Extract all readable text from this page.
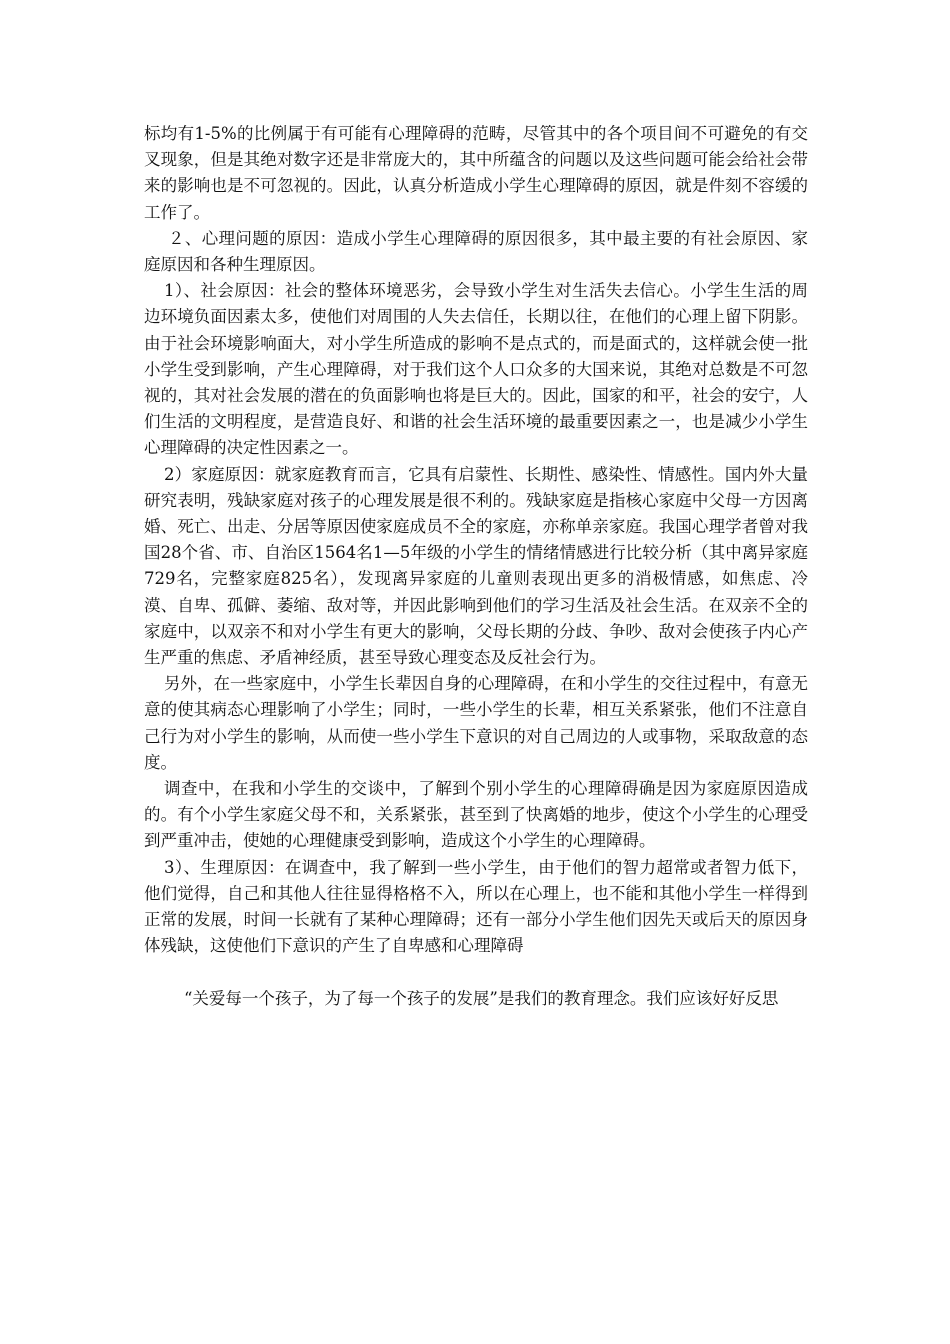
标均有1-5%的比例属于有可能有心理障碍的范畴，尽管其中的各个项目间不可避免的有交叉现象，但是其绝对数字还是非常庞大的，其中所蕴含的问题以及这些问题可能会给社会带来的影响也是不可忽视的。因此，认真分析造成小学生心理障碍的原因，就是件刻不容缓的工作了。

２、心理问题的原因：造成小学生心理障碍的原因很多，其中最主要的有社会原因、家庭原因和各种生理原因。

1）、社会原因：社会的整体环境恶劣，会导致小学生对生活失去信心。小学生生活的周边环境负面因素太多，使他们对周围的人失去信任，长期以往，在他们的心理上留下阴影。由于社会环境影响面大，对小学生所造成的影响不是点式的，而是面式的，这样就会使一批小学生受到影响，产生心理障碍，对于我们这个人口众多的大国来说，其绝对总数是不可忽视的，其对社会发展的潜在的负面影响也将是巨大的。因此，国家的和平，社会的安宁，人们生活的文明程度，是营造良好、和谐的社会生活环境的最重要因素之一，也是减少小学生心理障碍的决定性因素之一。

2）家庭原因：就家庭教育而言，它具有启蒙性、长期性、感染性、情感性。国内外大量研究表明，残缺家庭对孩子的心理发展是很不利的。残缺家庭是指核心家庭中父母一方因离婚、死亡、出走、分居等原因使家庭成员不全的家庭，亦称单亲家庭。我国心理学者曾对我国28个省、市、自治区1564名1—5年级的小学生的情绪情感进行比较分析（其中离异家庭729名，完整家庭825名），发现离异家庭的儿童则表现出更多的消极情感，如焦虑、冷漠、自卑、孤僻、萎缩、敌对等，并因此影响到他们的学习生活及社会生活。在双亲不全的家庭中，以双亲不和对小学生有更大的影响，父母长期的分歧、争吵、敌对会使孩子内心产生严重的焦虑、矛盾神经质，甚至导致心理变态及反社会行为。

另外，在一些家庭中，小学生长辈因自身的心理障碍，在和小学生的交往过程中，有意无意的使其病态心理影响了小学生；同时，一些小学生的长辈，相互关系紧张，他们不注意自己行为对小学生的影响，从而使一些小学生下意识的对自己周边的人或事物，采取敌意的态度。

调查中，在我和小学生的交谈中，了解到个别小学生的心理障碍确是因为家庭原因造成的。有个小学生家庭父母不和，关系紧张，甚至到了快离婚的地步，使这个小学生的心理受到严重冲击，使她的心理健康受到影响，造成这个小学生的心理障碍。

3）、生理原因：在调查中，我了解到一些小学生，由于他们的智力超常或者智力低下，他们觉得，自己和其他人往往显得格格不入，所以在心理上，也不能和其他小学生一样得到正常的发展，时间一长就有了某种心理障碍；还有一部分小学生他们因先天或后天的原因身体残缺，这使他们下意识的产生了自卑感和心理障碍

“关爱每一个孩子，为了每一个孩子的发展”是我们的教育理念。我们应该好好反思
